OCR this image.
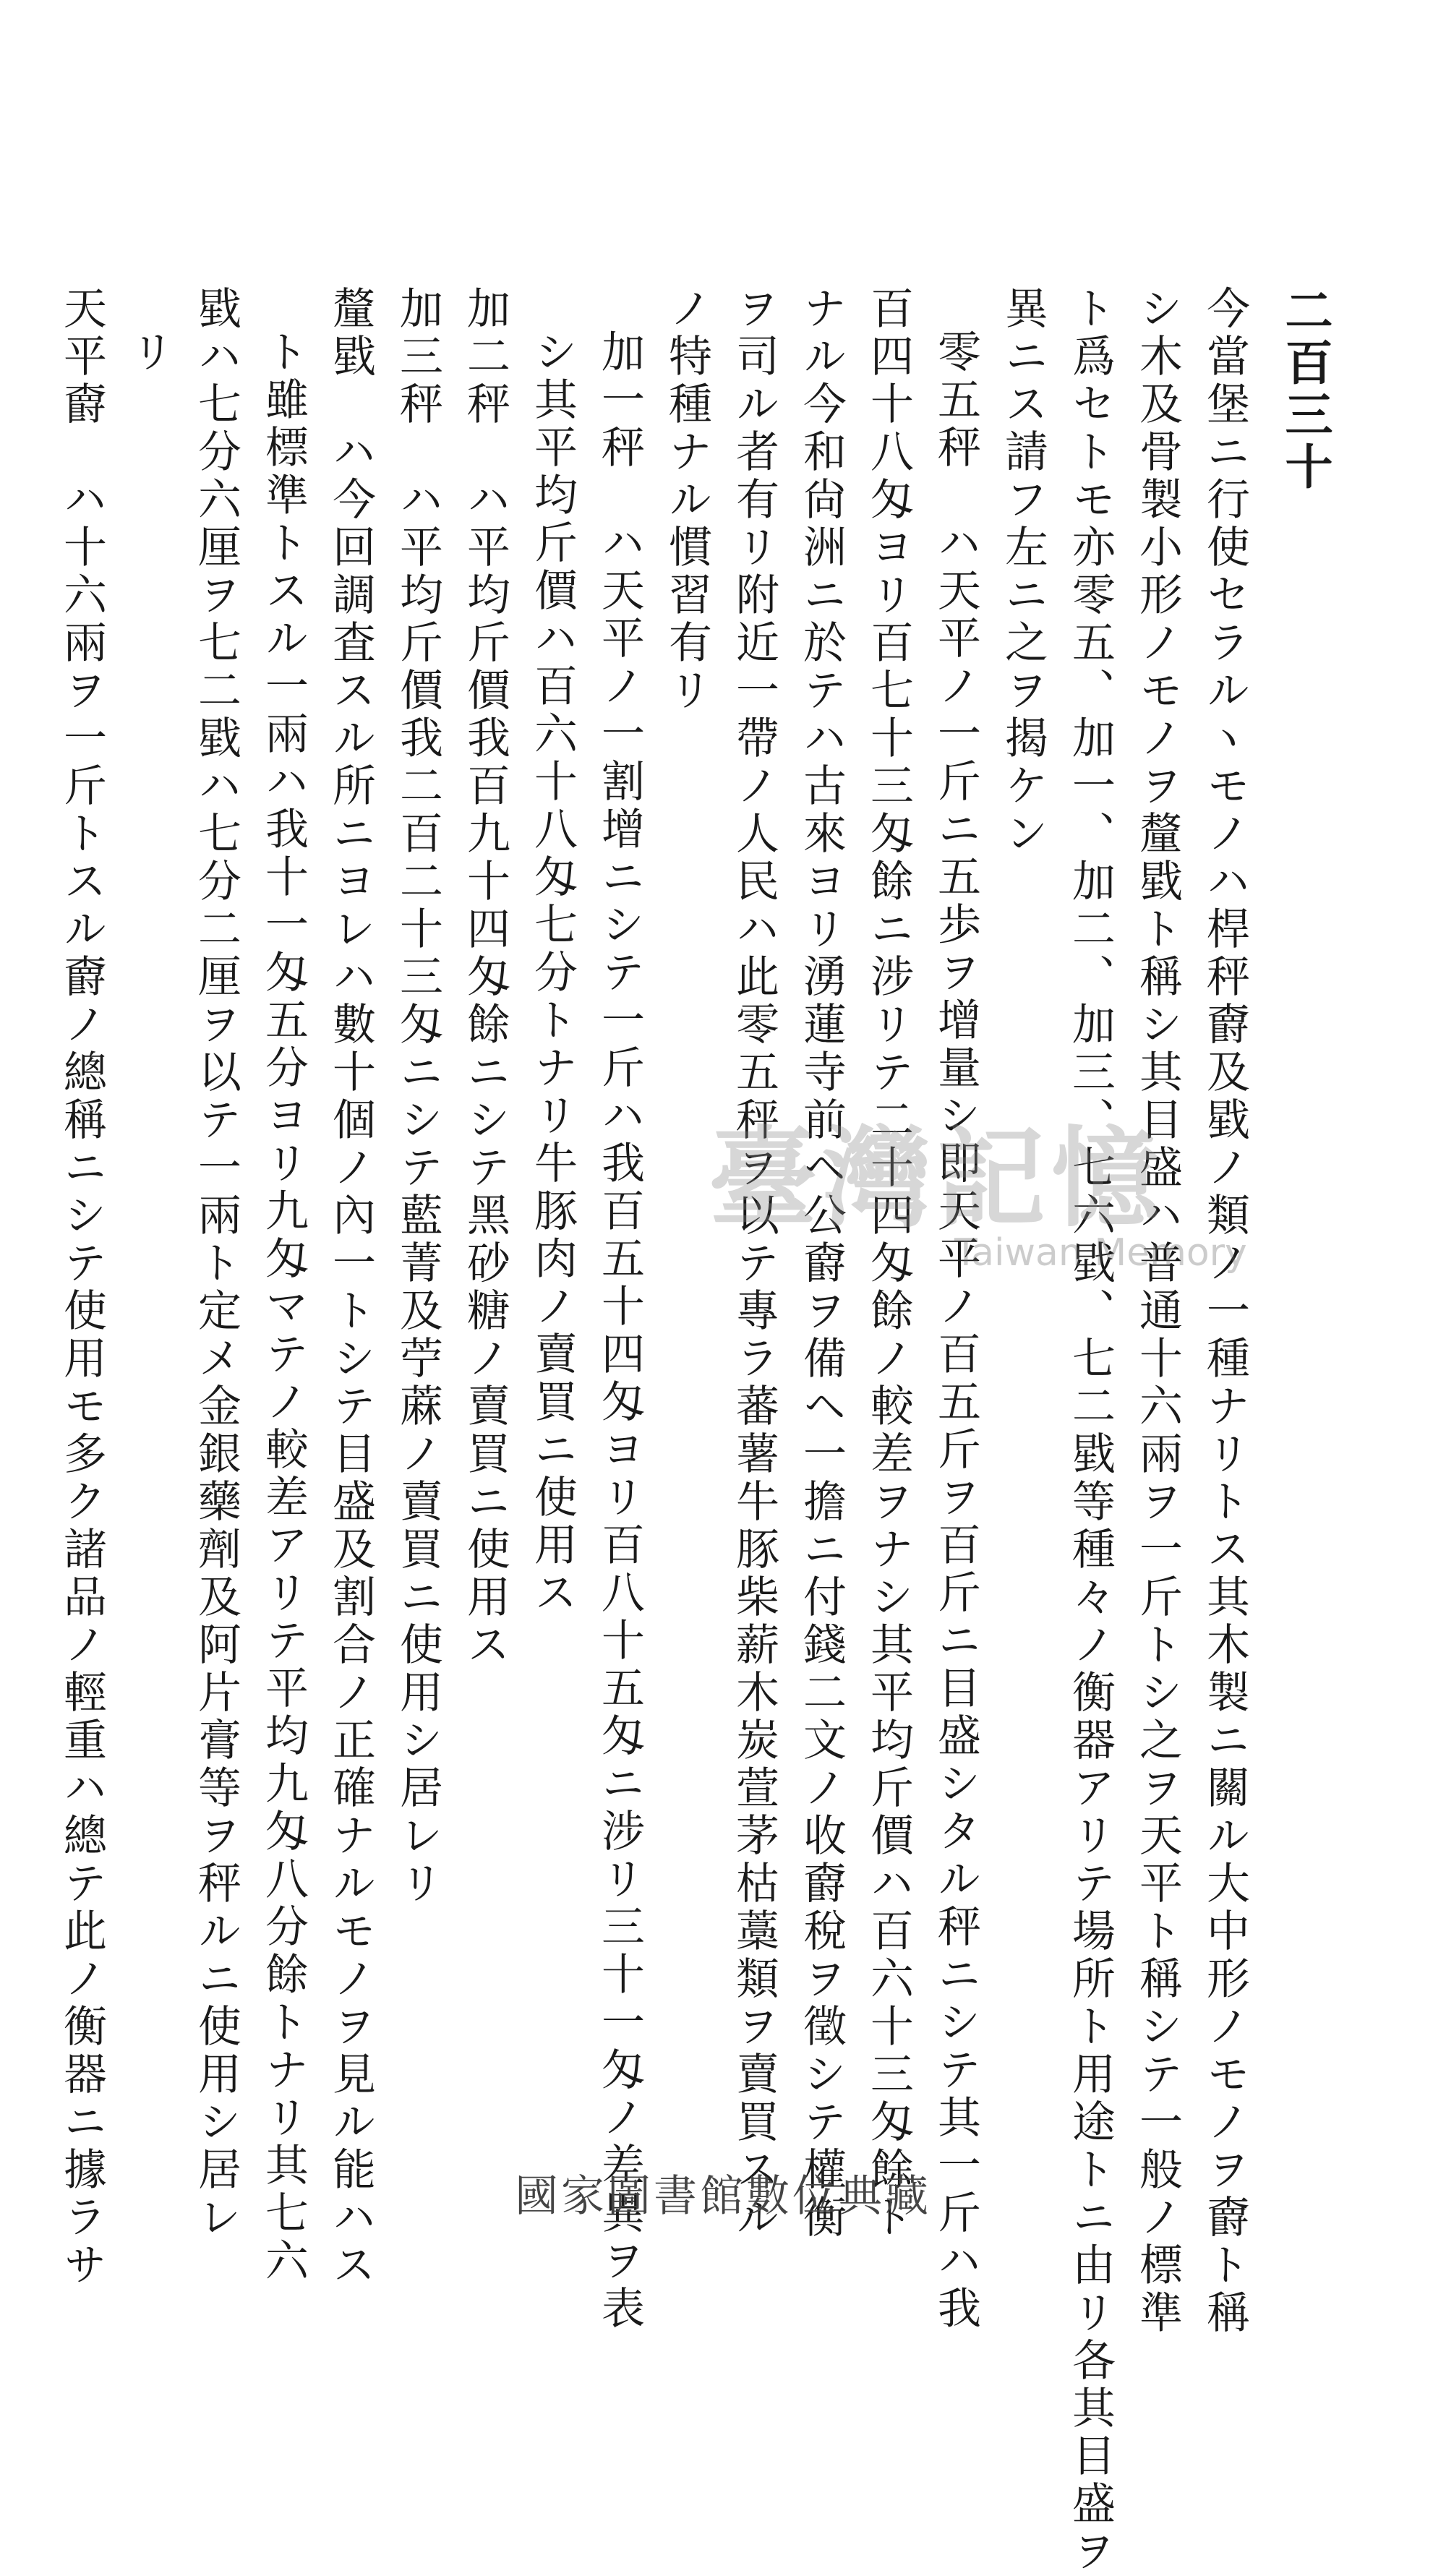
二百三十
今當堡ニ行使セラルヽモノハ桿秤𣝣及戥ノ類ノ一種ナリトス其木製ニ關ル大中形ノモノヲ𣝣ト稱
シ木及骨製小形ノモノヲ釐戥ト稱シ其目盛ハ普通十六兩ヲ一斤トシ之ヲ天平ト稱シテ一般ノ標準
ト爲セトモ亦零五、加一、加二、加三、七六戥、七二戥等種々ノ衡器アリテ場所ト用途トニ由リ各其目盛ヲ
異ニス請フ左ニ之ヲ揭ケン
零五秤　ハ天平ノ一斤ニ五歩ヲ增量シ即天平ノ百五斤ヲ百斤ニ目盛シタル秤ニシテ其一斤ハ我
百四十八匁ヨリ百七十三匁餘ニ涉リテ二十四匁餘ノ較差ヲナシ其平均斤價ハ百六十三匁餘ト
ナル今和尙洲ニ於テハ古來ヨリ湧蓮寺前ヘ公𣝣ヲ備ヘ一擔ニ付錢二文ノ收𣝣稅ヲ徵シテ權衡
ヲ司ル者有リ附近一帶ノ人民ハ此零五秤ヲ以テ專ラ蕃薯牛豚柴薪木炭萱茅枯藁類ヲ賣買スル
ノ特種ナル慣習有リ
加一秤　ハ天平ノ一割增ニシテ一斤ハ我百五十四匁ヨリ百八十五匁ニ涉リ三十一匁ノ差異ヲ表
シ其平均斤價ハ百六十八匁七分トナリ牛豚肉ノ賣買ニ使用ス
加二秤　ハ平均斤價我百九十四匁餘ニシテ黑砂糖ノ賣買ニ使用ス
加三秤　ハ平均斤價我二百二十三匁ニシテ藍菁及苧蔴ノ賣買ニ使用シ居レリ
釐戥　ハ今回調査スル所ニヨレハ數十個ノ內一トシテ目盛及割合ノ正確ナルモノヲ見ル能ハス
ト雖標準トスル一兩ハ我十一匁五分ヨリ九匁マテノ較差アリテ平均九匁八分餘トナリ其七六
戥ハ七分六厘ヲ七二戥ハ七分二厘ヲ以テ一兩ト定メ金銀藥劑及阿片膏等ヲ秤ルニ使用シ居レ
リ
天平𣝣　ハ十六兩ヲ一斤トスル𣝣ノ總稱ニシテ使用モ多ク諸品ノ輕重ハ總テ此ノ衡器ニ據ラサ	臺灣記憶
Taiwan Memory
國家圖書館數位典藏
